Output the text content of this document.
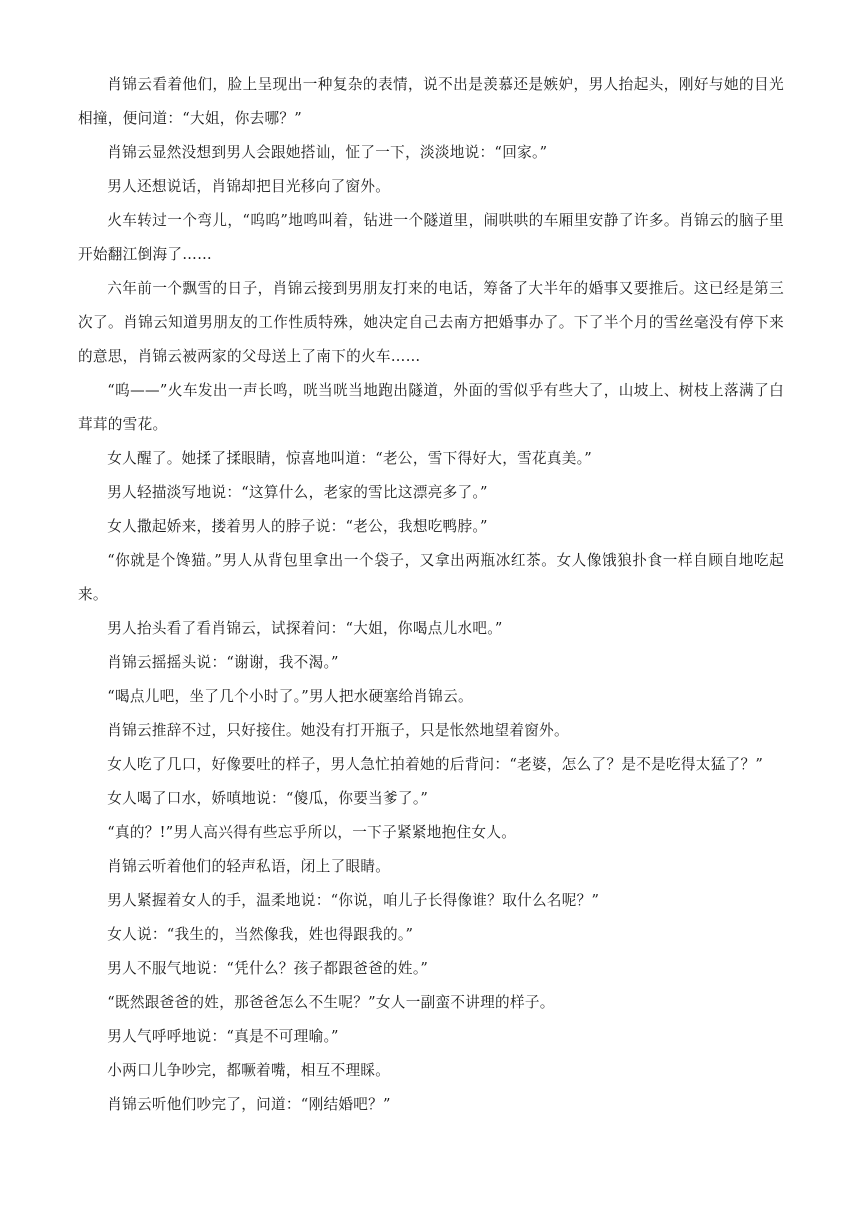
肖锦云看着他们，脸上呈现出一种复杂的表情，说不出是羡慕还是嫉妒，男人抬起头，刚好与她的目光相撞，便问道：“大姐，你去哪？”

肖锦云显然没想到男人会跟她搭讪，怔了一下，淡淡地说：“回家。”

男人还想说话，肖锦却把目光移向了窗外。

火车转过一个弯儿，“呜呜”地鸣叫着，钻进一个隧道里，闹哄哄的车厢里安静了许多。肖锦云的脑子里开始翻江倒海了……

六年前一个飘雪的日子，肖锦云接到男朋友打来的电话，筹备了大半年的婚事又要推后。这已经是第三次了。肖锦云知道男朋友的工作性质特殊，她决定自己去南方把婚事办了。下了半个月的雪丝毫没有停下来的意思，肖锦云被两家的父母送上了南下的火车……

“呜——”火车发出一声长鸣，咣当咣当地跑出隧道，外面的雪似乎有些大了，山坡上、树枝上落满了白茸茸的雪花。

女人醒了。她揉了揉眼睛，惊喜地叫道：“老公，雪下得好大，雪花真美。”

男人轻描淡写地说：“这算什么，老家的雪比这漂亮多了。”

女人撒起娇来，搂着男人的脖子说：“老公，我想吃鸭脖。”

“你就是个馋猫。”男人从背包里拿出一个袋子，又拿出两瓶冰红茶。女人像饿狼扑食一样自顾自地吃起来。

男人抬头看了看肖锦云，试探着问：“大姐，你喝点儿水吧。”

肖锦云摇摇头说：“谢谢，我不渴。”

“喝点儿吧，坐了几个小时了。”男人把水硬塞给肖锦云。

肖锦云推辞不过，只好接住。她没有打开瓶子，只是怅然地望着窗外。

女人吃了几口，好像要吐的样子，男人急忙拍着她的后背问：“老婆，怎么了？是不是吃得太猛了？”

女人喝了口水，娇嗔地说：“傻瓜，你要当爹了。”

“真的？!”男人高兴得有些忘乎所以，一下子紧紧地抱住女人。

肖锦云听着他们的轻声私语，闭上了眼睛。

男人紧握着女人的手，温柔地说：“你说，咱儿子长得像谁？取什么名呢？”

女人说：“我生的，当然像我，姓也得跟我的。”

男人不服气地说：“凭什么？孩子都跟爸爸的姓。”

“既然跟爸爸的姓，那爸爸怎么不生呢？”女人一副蛮不讲理的样子。

男人气呼呼地说：“真是不可理喻。”

小两口儿争吵完，都噘着嘴，相互不理睬。

肖锦云听他们吵完了，问道：“刚结婚吧？”
